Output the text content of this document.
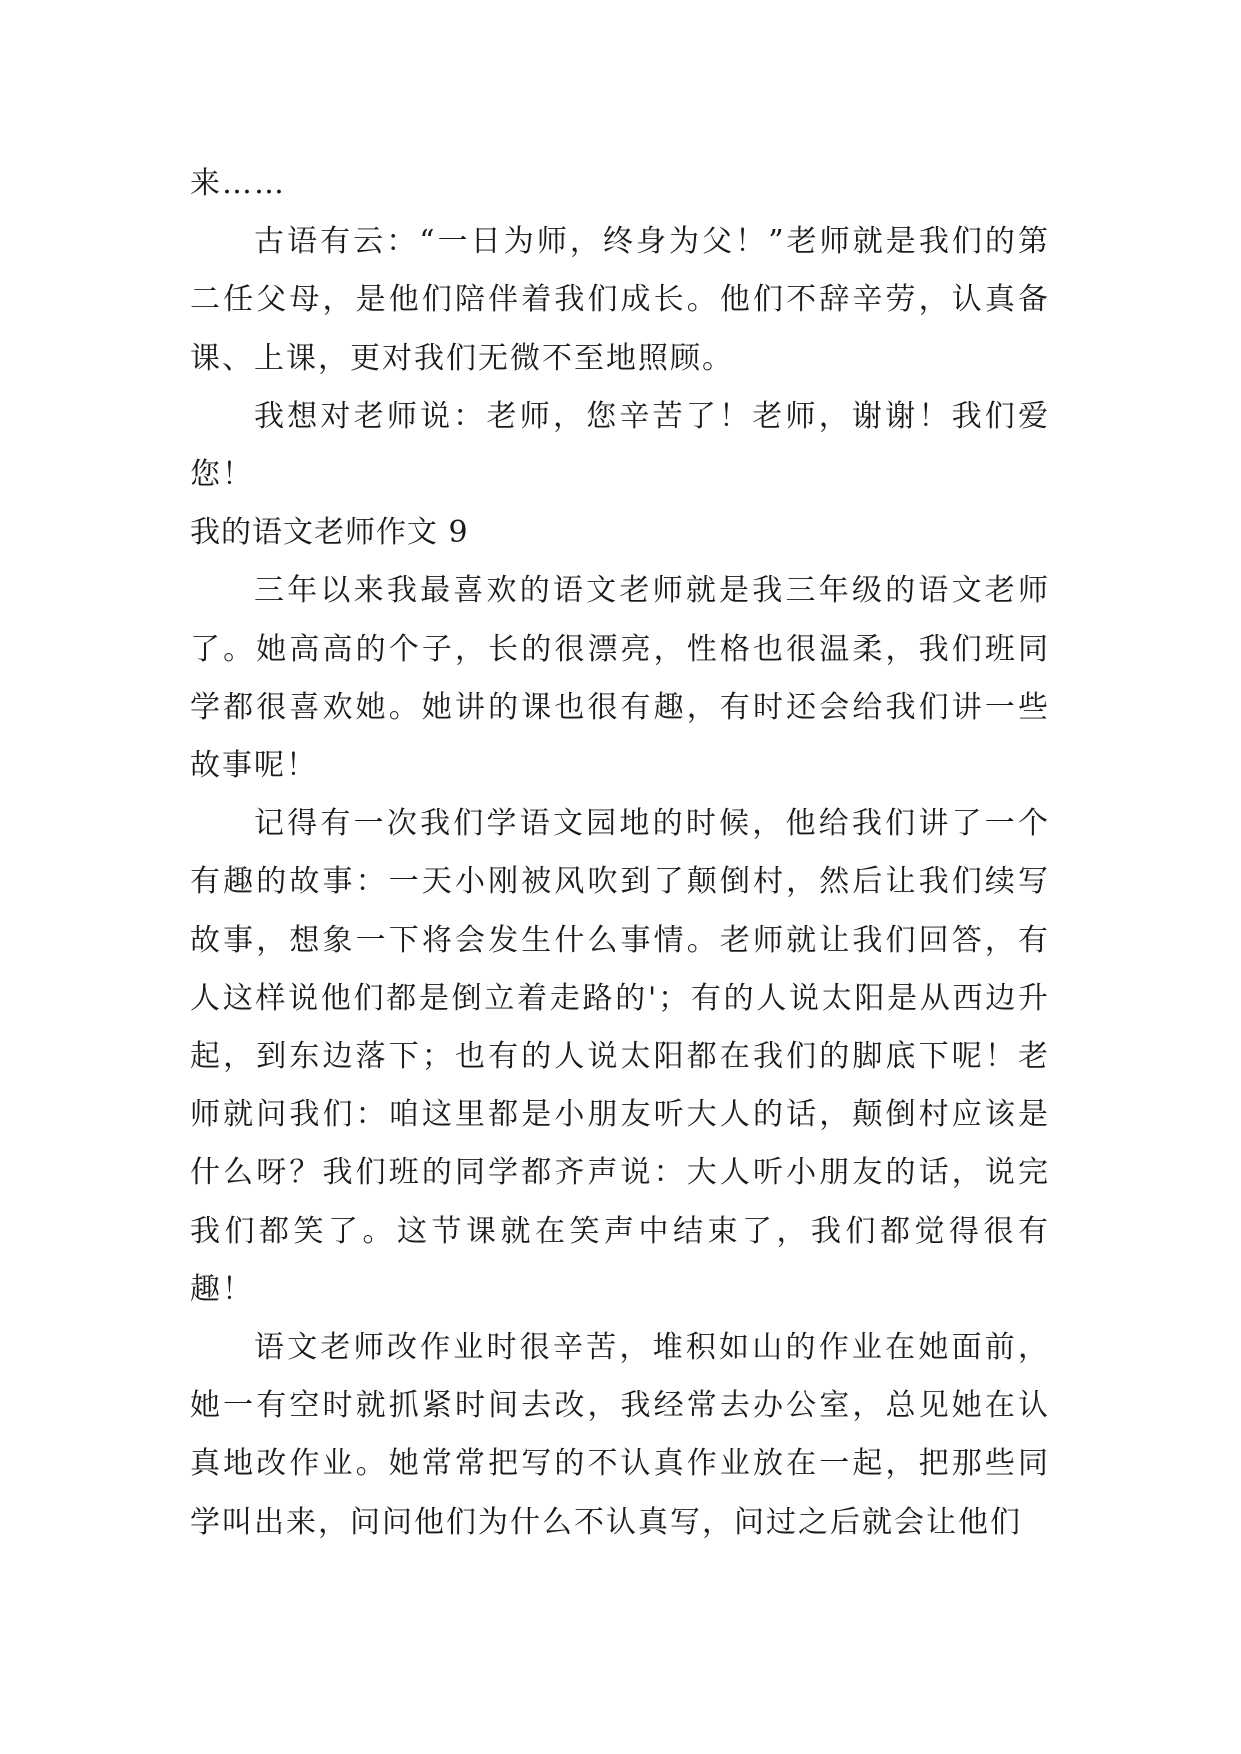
来……

古语有云：“一日为师，终身为父！”老师就是我们的第二任父母，是他们陪伴着我们成长。他们不辞辛劳，认真备课、上课，更对我们无微不至地照顾。

我想对老师说：老师，您辛苦了！老师，谢谢！我们爱您！

我的语文老师作文 9

三年以来我最喜欢的语文老师就是我三年级的语文老师了。她高高的个子，长的很漂亮，性格也很温柔，我们班同学都很喜欢她。她讲的课也很有趣，有时还会给我们讲一些故事呢！

记得有一次我们学语文园地的时候，他给我们讲了一个有趣的故事：一天小刚被风吹到了颠倒村，然后让我们续写故事，想象一下将会发生什么事情。老师就让我们回答，有人这样说他们都是倒立着走路的'；有的人说太阳是从西边升起，到东边落下；也有的人说太阳都在我们的脚底下呢！老师就问我们：咱这里都是小朋友听大人的话，颠倒村应该是什么呀？我们班的同学都齐声说：大人听小朋友的话，说完我们都笑了。这节课就在笑声中结束了，我们都觉得很有趣！

语文老师改作业时很辛苦，堆积如山的作业在她面前，她一有空时就抓紧时间去改，我经常去办公室，总见她在认真地改作业。她常常把写的不认真作业放在一起，把那些同学叫出来，问问他们为什么不认真写，问过之后就会让他们
